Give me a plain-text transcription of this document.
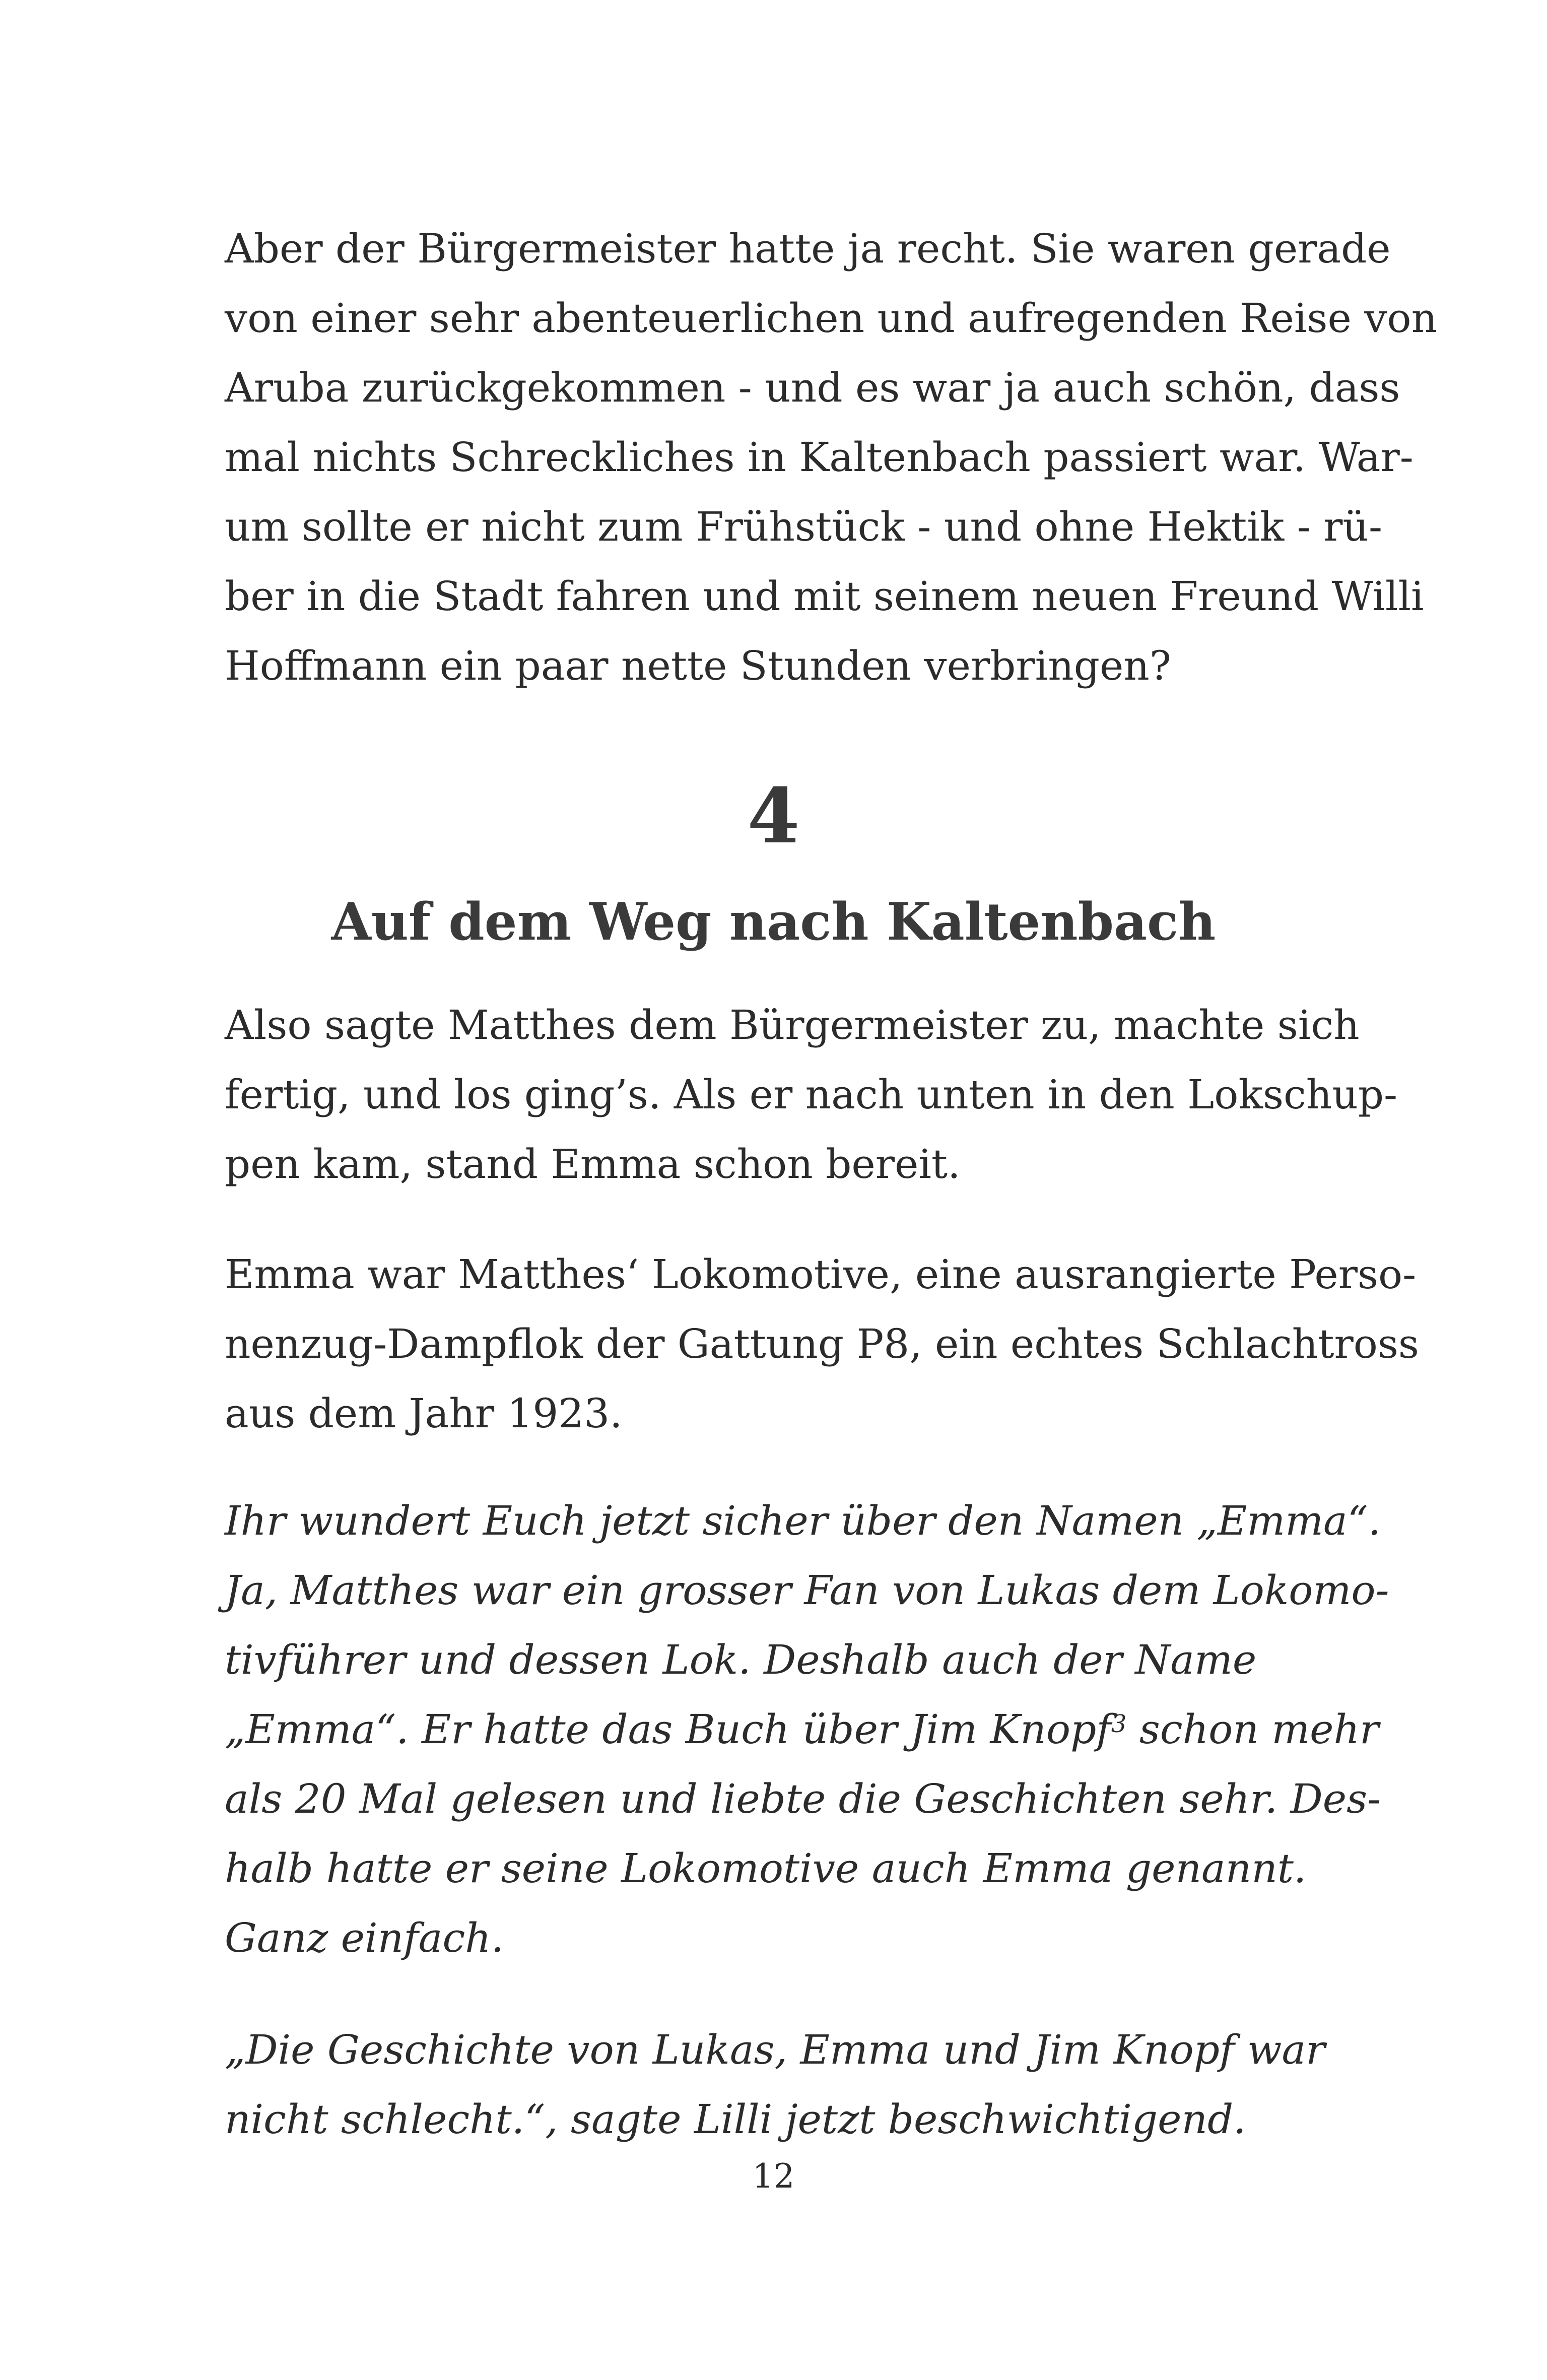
Aber der Bürgermeister hatte ja recht. Sie waren gerade
von einer sehr abenteuerlichen und aufregenden Reise von
Aruba zurückgekommen - und es war ja auch schön, dass
mal nichts Schreckliches in Kaltenbach passiert war. War-
um sollte er nicht zum Frühstück - und ohne Hektik - rü-
ber in die Stadt fahren und mit seinem neuen Freund Willi
Hoffmann ein paar nette Stunden verbringen?

4
Auf dem Weg nach Kaltenbach

Also sagte Matthes dem Bürgermeister zu, machte sich
fertig, und los ging’s. Als er nach unten in den Lokschup-
pen kam, stand Emma schon bereit.

Emma war Matthes‘ Lokomotive, eine ausrangierte Perso-
nenzug-Dampflok der Gattung P8, ein echtes Schlachtross
aus dem Jahr 1923.

Ihr wundert Euch jetzt sicher über den Namen „Emma“.
Ja, Matthes war ein grosser Fan von Lukas dem Lokomo-
tivführer und dessen Lok. Deshalb auch der Name
„Emma“. Er hatte das Buch über Jim Knopf$^3$ schon mehr
als 20 Mal gelesen und liebte die Geschichten sehr. Des-
halb hatte er seine Lokomotive auch Emma genannt.
Ganz einfach.

„Die Geschichte von Lukas, Emma und Jim Knopf war
nicht schlecht.“, sagte Lilli jetzt beschwichtigend.

12
